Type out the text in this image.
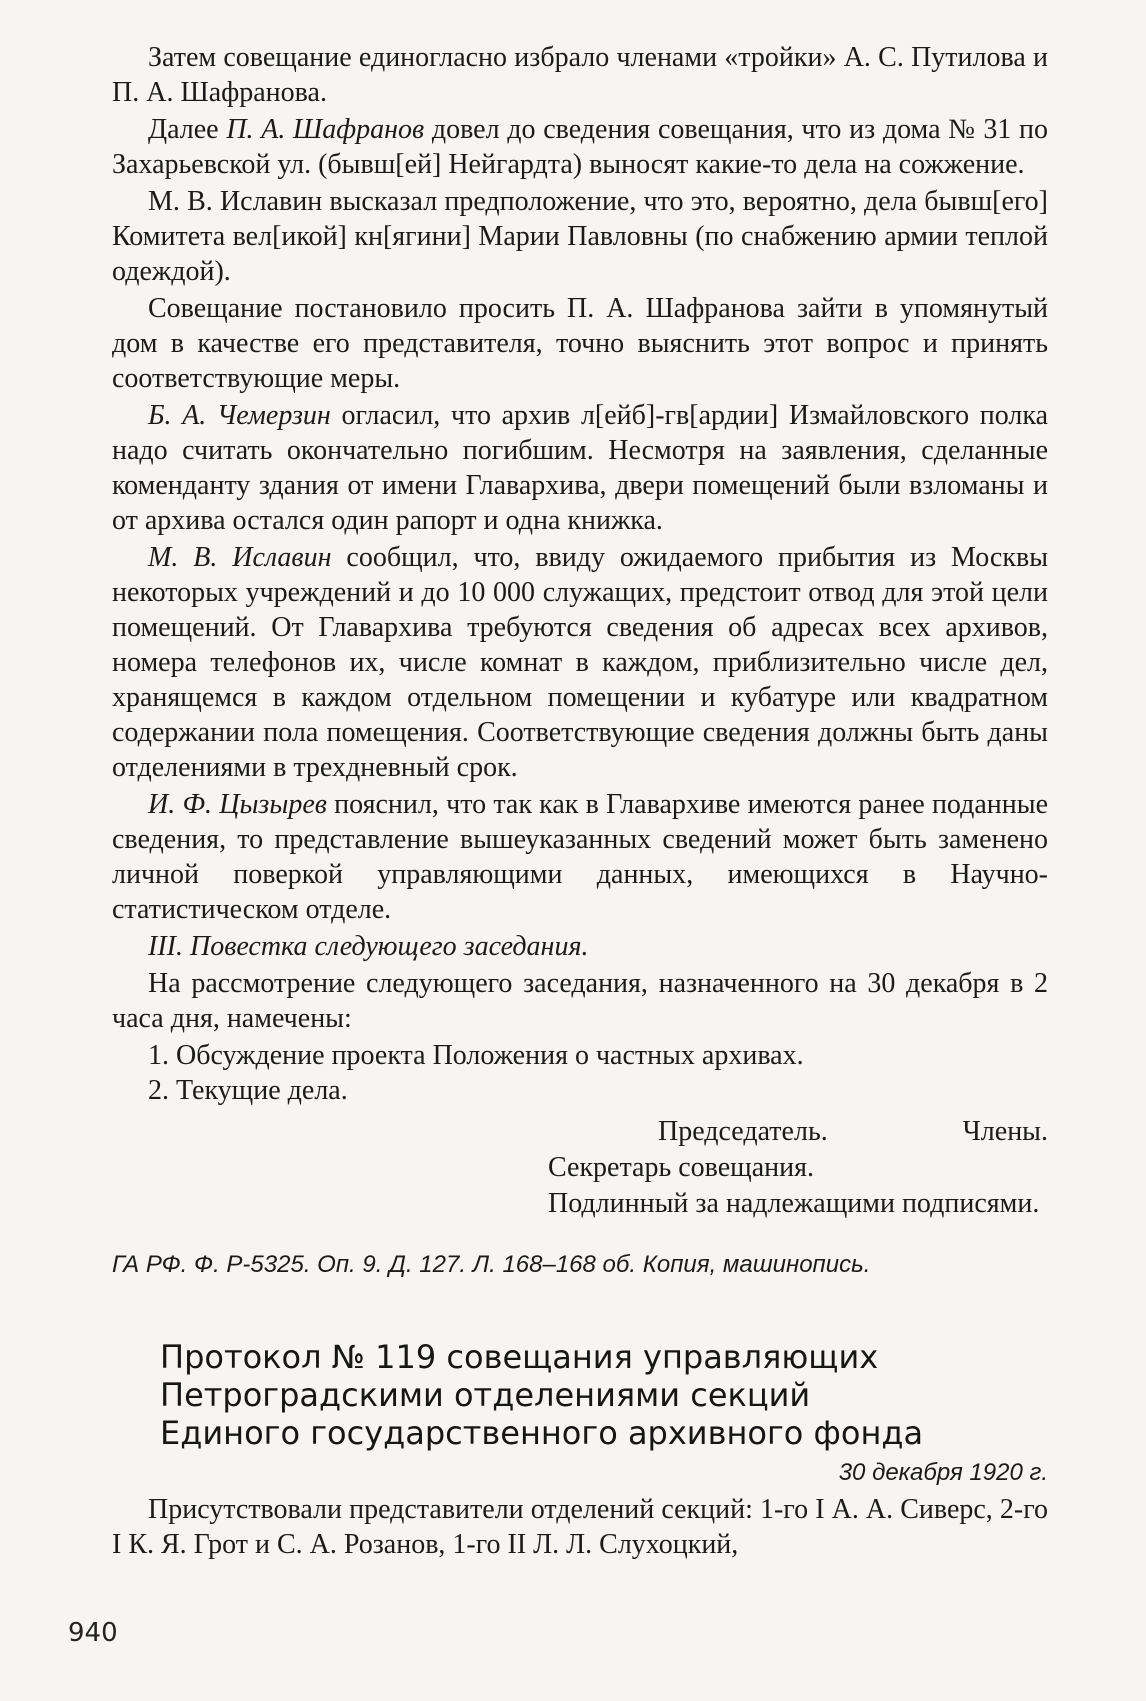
Затем совещание единогласно избрало членами «тройки» А. С. Путилова и П. А. Шафранова.

Далее П. А. Шафранов довел до сведения совещания, что из дома № 31 по Захарьевской ул. (бывш[ей] Нейгардта) выносят какие-то дела на сожжение.

М. В. Иславин высказал предположение, что это, вероятно, дела бывш[его] Комитета вел[икой] кн[ягини] Марии Павловны (по снабжению армии теплой одеждой).

Совещание постановило просить П. А. Шафранова зайти в упомянутый дом в качестве его представителя, точно выяснить этот вопрос и принять соответствующие меры.

Б. А. Чемерзин огласил, что архив л[ейб]-гв[ардии] Измайловского полка надо считать окончательно погибшим. Несмотря на заявления, сделанные коменданту здания от имени Главархива, двери помещений были взломаны и от архива остался один рапорт и одна книжка.

М. В. Иславин сообщил, что, ввиду ожидаемого прибытия из Москвы некоторых учреждений и до 10 000 служащих, предстоит отвод для этой цели помещений. От Главархива требуются сведения об адресах всех архивов, номера телефонов их, числе комнат в каждом, приблизительно числе дел, хранящемся в каждом отдельном помещении и кубатуре или квадратном содержании пола помещения. Соответствующие сведения должны быть даны отделениями в трехдневный срок.

И. Ф. Цызырев пояснил, что так как в Главархиве имеются ранее поданные сведения, то представление вышеуказанных сведений может быть заменено личной поверкой управляющими данных, имеющихся в Научно-статистическом отделе.

III. Повестка следующего заседания.

На рассмотрение следующего заседания, назначенного на 30 декабря в 2 часа дня, намечены:

1. Обсуждение проекта Положения о частных архивах.

2. Текущие дела.

Председатель.	Члены.
Секретарь совещания.
Подлинный за надлежащими подписями.
ГА РФ. Ф. Р-5325. Оп. 9. Д. 127. Л. 168–168 об. Копия, машинопись.
Протокол № 119 совещания управляющих
Петроградскими отделениями секций
Единого государственного архивного фонда
30 декабря 1920 г.

Присутствовали представители отделений секций: 1-го I А. А. Сиверс, 2-го I К. Я. Грот и С. А. Розанов, 1-го II Л. Л. Слухоцкий,

940
